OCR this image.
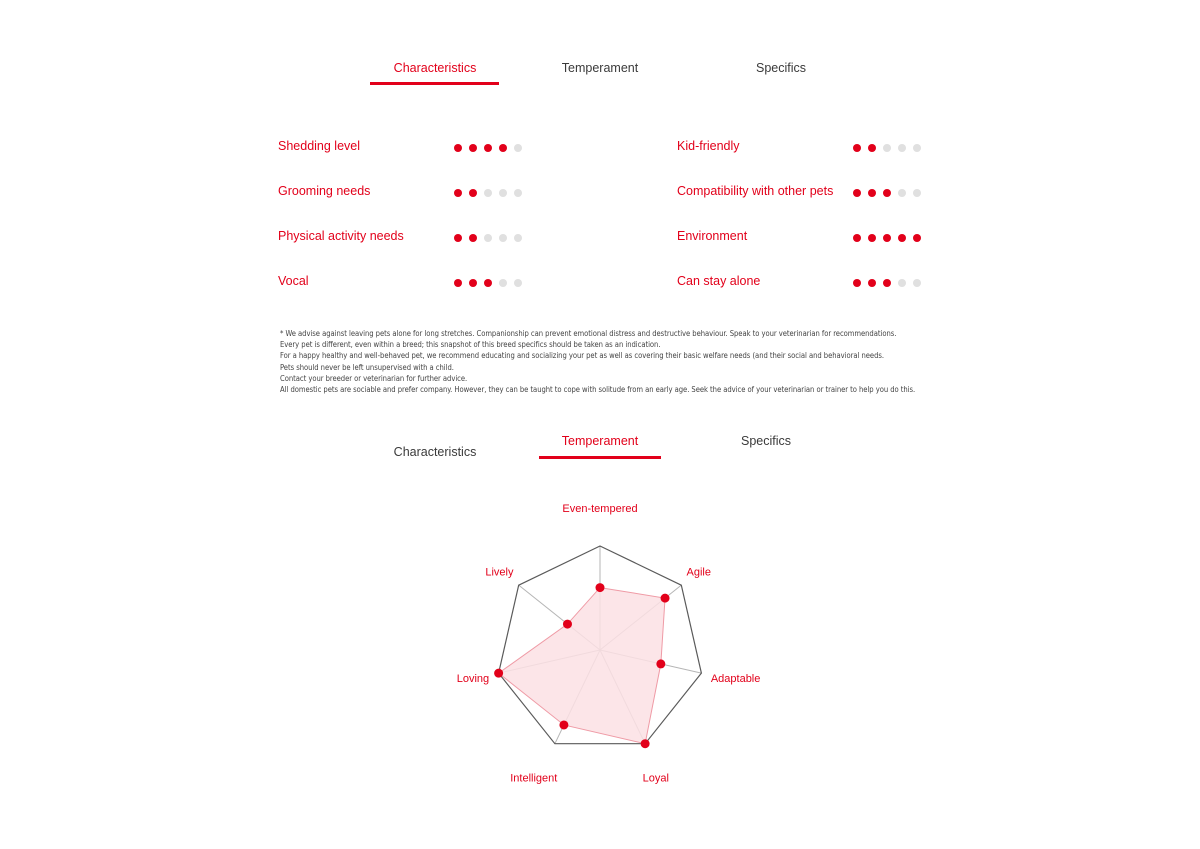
Characteristics	Temperament	Specifics
Shedding level
Grooming needs
Physical activity needs
Vocal
Kid-friendly
Compatibility with other pets
Environment
Can stay alone
* We advise against leaving pets alone for long stretches. Companionship can prevent emotional distress and destructive behaviour. Speak to your veterinarian for recommendations.
Every pet is different, even within a breed; this snapshot of this breed specifics should be taken as an indication.
For a happy healthy and well-behaved pet, we recommend educating and socializing your pet as well as covering their basic welfare needs (and their social and behavioral needs.
Pets should never be left unsupervised with a child.
Contact your breeder or veterinarian for further advice.
All domestic pets are sociable and prefer company. However, they can be taught to cope with solitude from an early age. Seek the advice of your veterinarian or trainer to help you do this.
Characteristics
Temperament	Specifics
Even-tempered
Agile
Adaptable
Loyal
Intelligent
Loving
Lively
